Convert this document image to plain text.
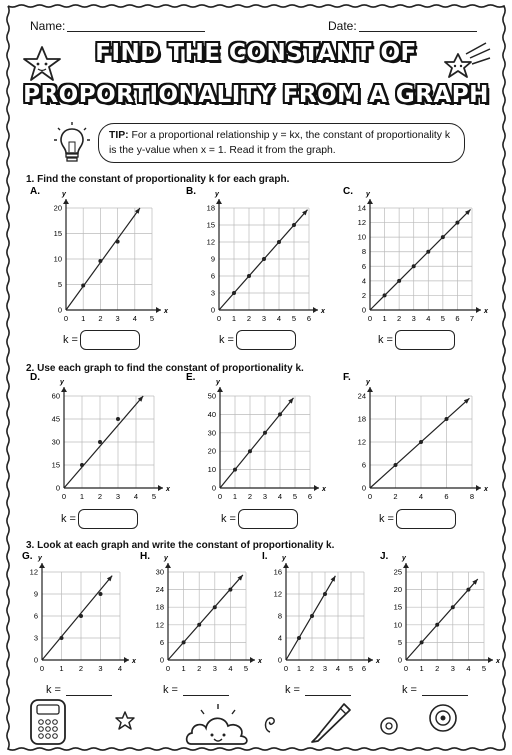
Name:	Date:
FIND THE CONSTANT OF
PROPORTIONALITY FROM A GRAPH
TIP: For a proportional relationship y = kx, the constant of proportionality k
is the y-value when x = 1. Read it from the graph.
1. Find the constant of proportionality k for each graph.
2. Use each graph to find the constant of proportionality k.
3. Look at each graph and write the constant of proportionality k.
A.
x
y
0 1 2 3 4 5
5
10
15
20
0
B.
x
y
0 1 2 3 4 5 6
3
6
9
12
15
18
0
C.
x
y
0 1 2 3 4 5 6 7
2
4
6
8
10
12
14
0
D.
x
y
0 1 2 3 4 5
15
30
45
60
0
E.
x
y
0 1 2 3 4 5 6
10
20
30
40
50
0
F.
x
y
0	2	4	6	8
6
12
18
24
0
G.
x
y
0 1 2 3 4
3
6
9
12
0
H.
x
y
0 1 2 3 4 5
6
12
18
24
30
0
I.
x
y
0 1 2 3 4 5 6
4
8
12
16
0
J.
x
y
0 1 2 3 4 5
5
10
15
20
25
0
k =	k =	k =
k =	k =	k =
k =	k =	k =	k =
